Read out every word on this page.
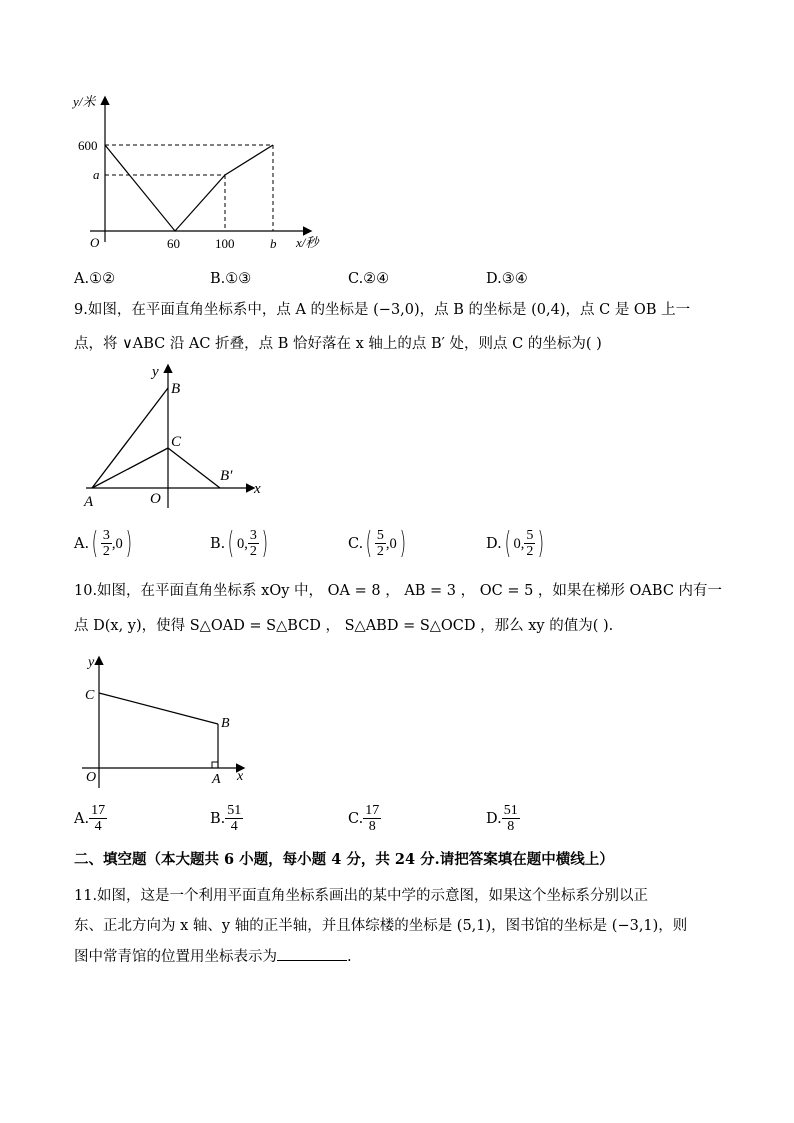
y/米
600
a
O	60	100	b x/秒
A.①②	B.①③	C.②④	D.③④
9.如图，在平面直角坐标系中，点 A 的坐标是 (−3,0)，点 B 的坐标是 (0,4)，点 C 是 OB 上一
点，将 ∨ABC 沿 AC 折叠，点 B 恰好落在 x 轴上的点 B′ 处，则点 C 的坐标为( )
y
B
C
B′
x
A	O
A. ( $\frac{3}{2} ,0$ )	B. ( 0, $\frac{3}{2}$ )	C. ( $\frac{5}{2} ,0$ )	D. ( 0, $\frac{5}{2}$ )
10.如图，在平面直角坐标系 xOy 中， OA = 8 ， AB = 3 ， OC = 5 ，如果在梯形 OABC 内有一
点 D(x, y)，使得 S△OAD = S△BCD ， S△ABD = S△OCD ，那么 xy 的值为( ).
y
C
B
O	A x
A. $\frac{17}{4}$	B. $\frac{51}{4}$	C. $\frac{17}{8}$	D. $\frac{51}{8}$
二、填空题（本大题共 6 小题，每小题 4 分，共 24 分.请把答案填在题中横线上）
11.如图，这是一个利用平面直角坐标系画出的某中学的示意图，如果这个坐标系分别以正
东、正北方向为 x 轴、y 轴的正半轴，并且体综楼的坐标是 (5,1)，图书馆的坐标是 (−3,1)，则
图中常青馆的位置用坐标表示为	.
